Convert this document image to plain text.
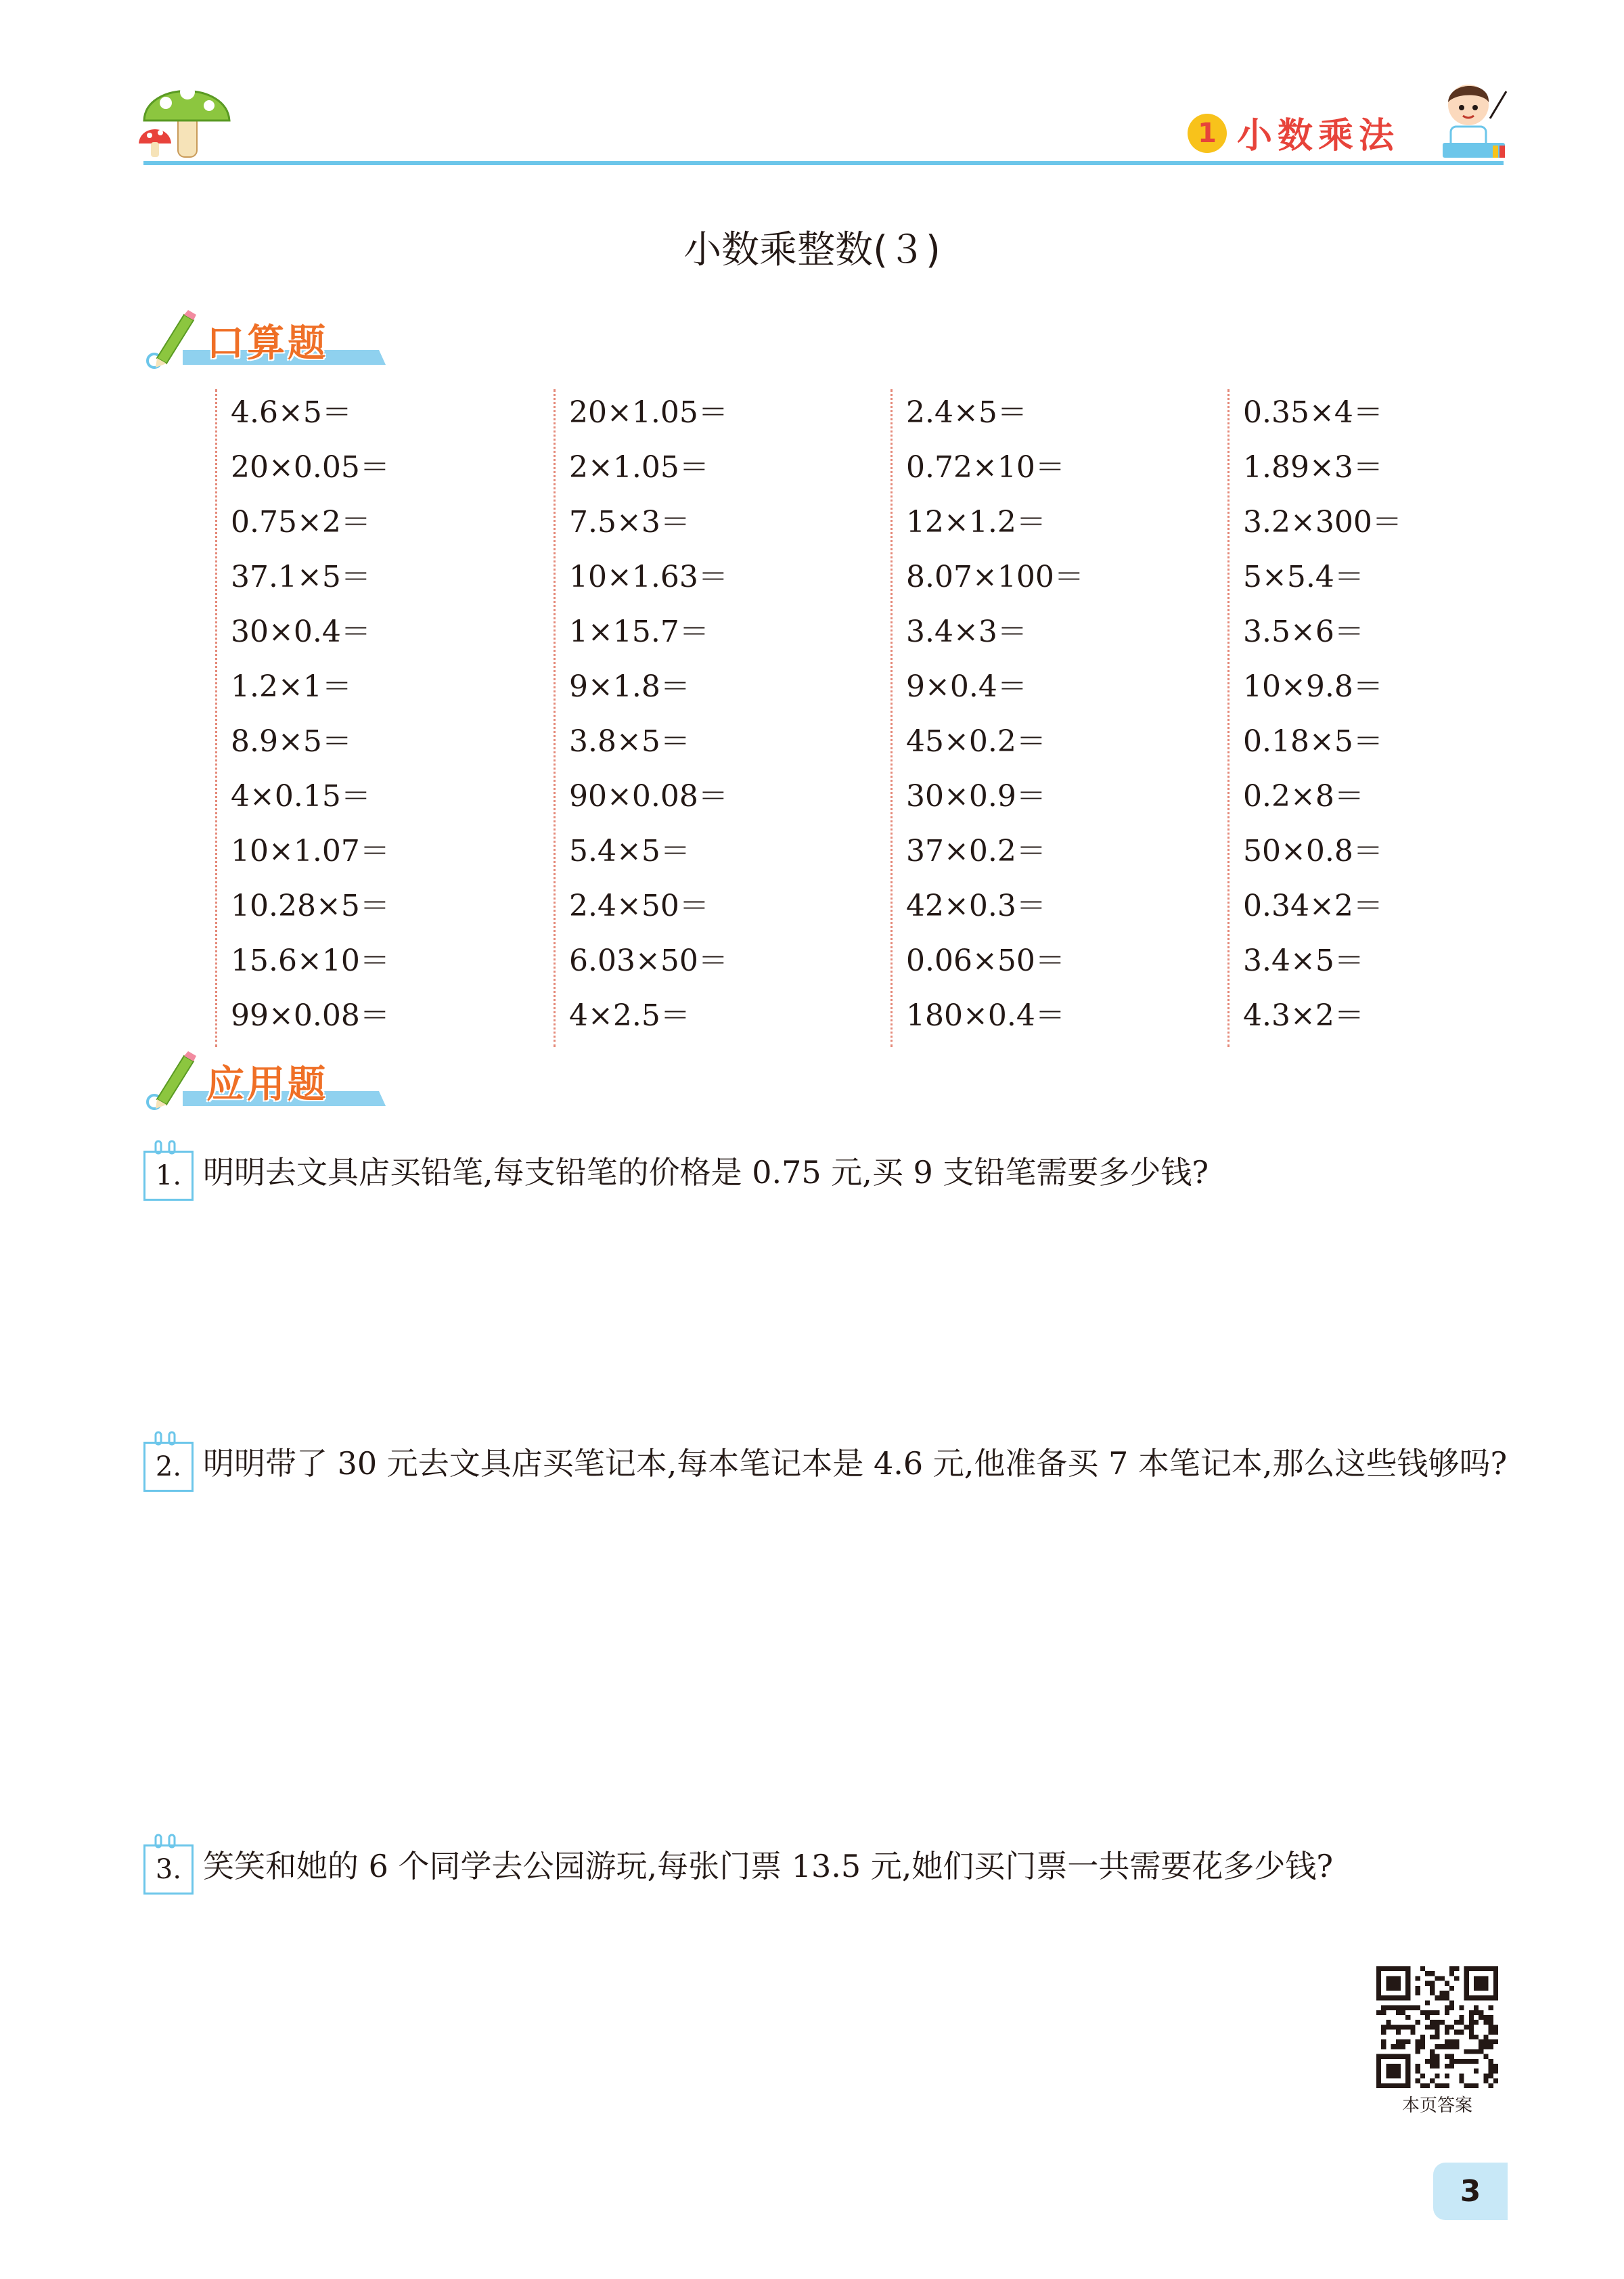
1 小数乘法
小数乘整数(３)
口算题
4.6×5＝
20×0.05＝
0.75×2＝
37.1×5＝
30×0.4＝
1.2×1＝
8.9×5＝
4×0.15＝
10×1.07＝
10.28×5＝
15.6×10＝
99×0.08＝
20×1.05＝
2×1.05＝
7.5×3＝
10×1.63＝
1×15.7＝
9×1.8＝
3.8×5＝
90×0.08＝
5.4×5＝
2.4×50＝
6.03×50＝
4×2.5＝
2.4×5＝
0.72×10＝
12×1.2＝
8.07×100＝
3.4×3＝
9×0.4＝
45×0.2＝
30×0.9＝
37×0.2＝
42×0.3＝
0.06×50＝
180×0.4＝
0.35×4＝
1.89×3＝
3.2×300＝
5×5.4＝
3.5×6＝
10×9.8＝
0.18×5＝
0.2×8＝
50×0.8＝
0.34×2＝
3.4×5＝
4.3×2＝
应用题
1. 明明去文具店买铅笔,每支铅笔的价格是 0.75 元,买 9 支铅笔需要多少钱?
2. 明明带了 30 元去文具店买笔记本,每本笔记本是 4.6 元,他准备买 7 本笔记本,那么这些钱够吗?
3. 笑笑和她的 6 个同学去公园游玩,每张门票 13.5 元,她们买门票一共需要花多少钱?
本页答案
3
